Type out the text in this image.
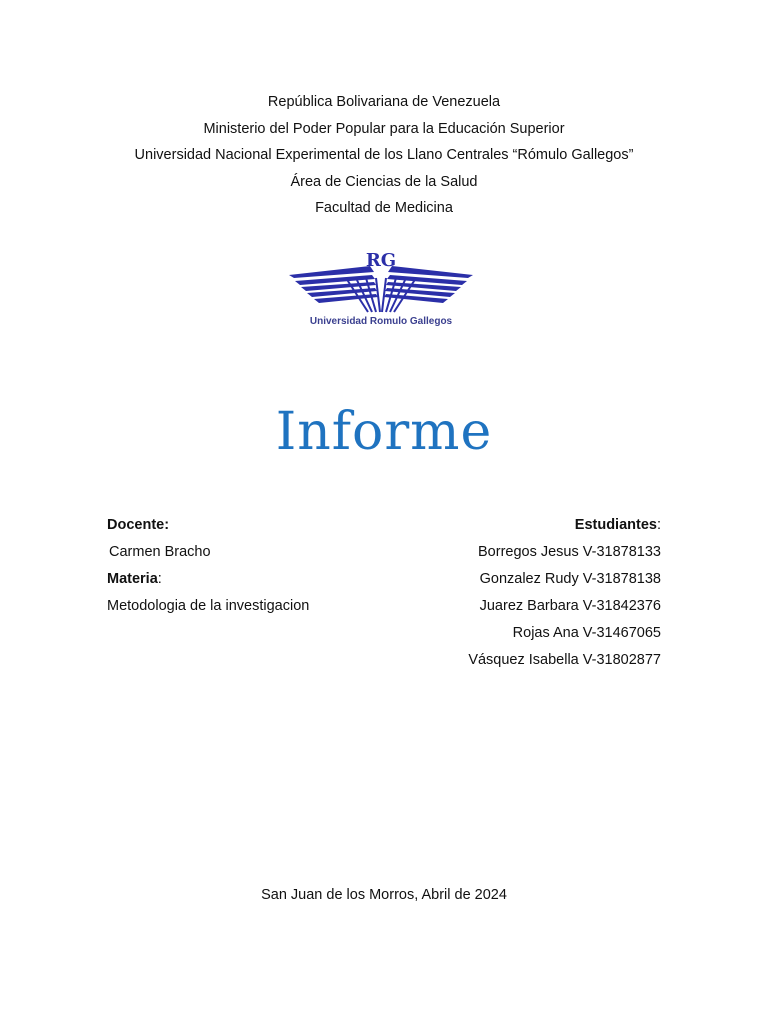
República Bolivariana de Venezuela
Ministerio del Poder Popular para la Educación Superior
Universidad Nacional Experimental de los Llano Centrales “Rómulo Gallegos”
Área de Ciencias de la Salud
Facultad de Medicina
RG
Universidad Romulo Gallegos
Informe
Docente:
Carmen Bracho
Materia:
Metodologia de la investigacion
Estudiantes:
Borregos Jesus V-31878133
Gonzalez Rudy V-31878138
Juarez Barbara V-31842376
Rojas Ana V-31467065
Vásquez Isabella V-31802877
San Juan de los Morros, Abril de 2024
